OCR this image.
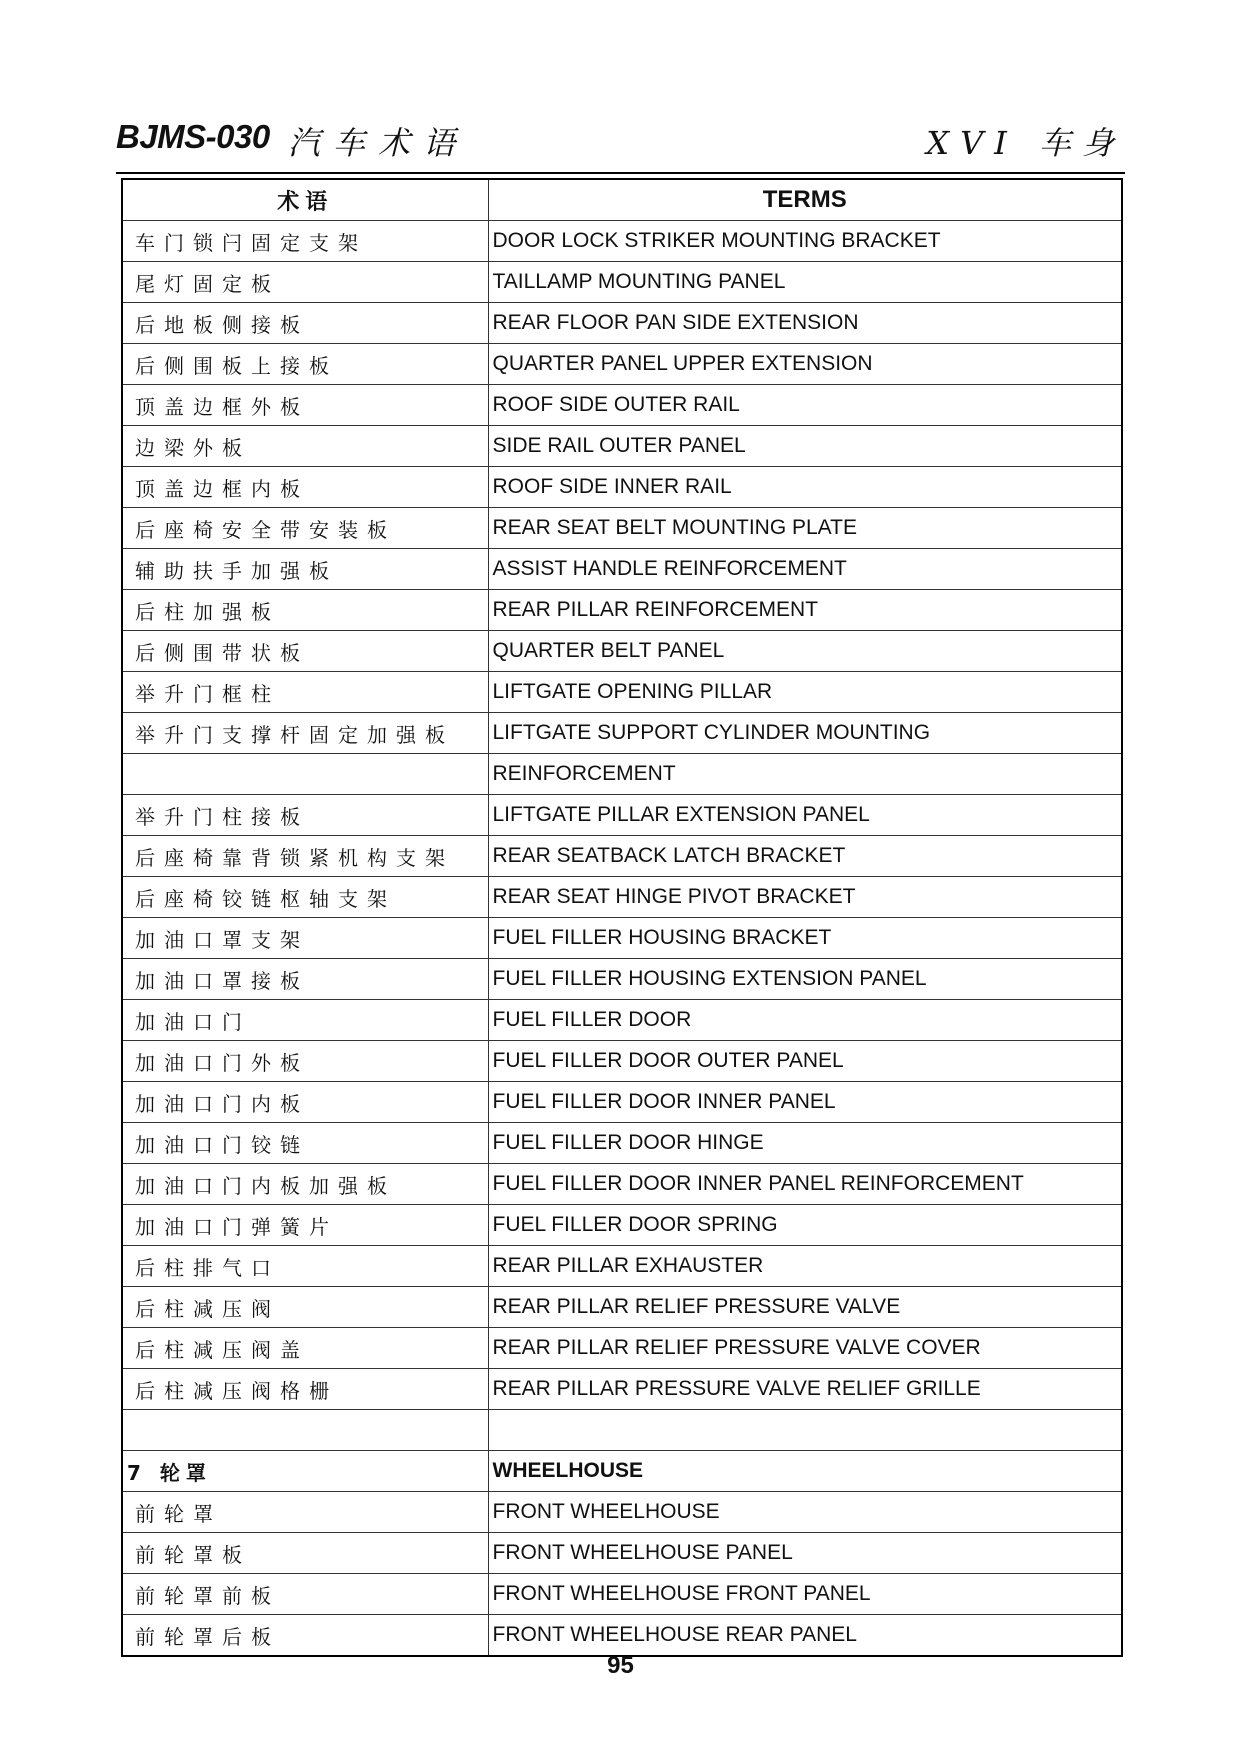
BJMS-030 汽车术语	XVI 车身
术语	TERMS
车门锁闩固定支架	DOOR LOCK STRIKER MOUNTING BRACKET
尾灯固定板	TAILLAMP MOUNTING PANEL
后地板侧接板	REAR FLOOR PAN SIDE EXTENSION
后侧围板上接板	QUARTER PANEL UPPER EXTENSION
顶盖边框外板	ROOF SIDE OUTER RAIL
边梁外板	SIDE RAIL OUTER PANEL
顶盖边框内板	ROOF SIDE INNER RAIL
后座椅安全带安装板	REAR SEAT BELT MOUNTING PLATE
辅助扶手加强板	ASSIST HANDLE REINFORCEMENT
后柱加强板	REAR PILLAR REINFORCEMENT
后侧围带状板	QUARTER BELT PANEL
举升门框柱	LIFTGATE OPENING PILLAR
举升门支撑杆固定加强板	LIFTGATE SUPPORT CYLINDER MOUNTING
	REINFORCEMENT
举升门柱接板	LIFTGATE PILLAR EXTENSION PANEL
后座椅靠背锁紧机构支架	REAR SEATBACK LATCH BRACKET
后座椅铰链枢轴支架	REAR SEAT HINGE PIVOT BRACKET
加油口罩支架	FUEL FILLER HOUSING BRACKET
加油口罩接板	FUEL FILLER HOUSING EXTENSION PANEL
加油口门	FUEL FILLER DOOR
加油口门外板	FUEL FILLER DOOR OUTER PANEL
加油口门内板	FUEL FILLER DOOR INNER PANEL
加油口门铰链	FUEL FILLER DOOR HINGE
加油口门内板加强板	FUEL FILLER DOOR INNER PANEL REINFORCEMENT
加油口门弹簧片	FUEL FILLER DOOR SPRING
后柱排气口	REAR PILLAR EXHAUSTER
后柱减压阀	REAR PILLAR RELIEF PRESSURE VALVE
后柱减压阀盖	REAR PILLAR RELIEF PRESSURE VALVE COVER
后柱减压阀格栅	REAR PILLAR PRESSURE VALVE RELIEF GRILLE

7 轮罩	WHEELHOUSE
前轮罩	FRONT WHEELHOUSE
前轮罩板	FRONT WHEELHOUSE PANEL
前轮罩前板	FRONT WHEELHOUSE FRONT PANEL
前轮罩后板	FRONT WHEELHOUSE REAR PANEL
95
